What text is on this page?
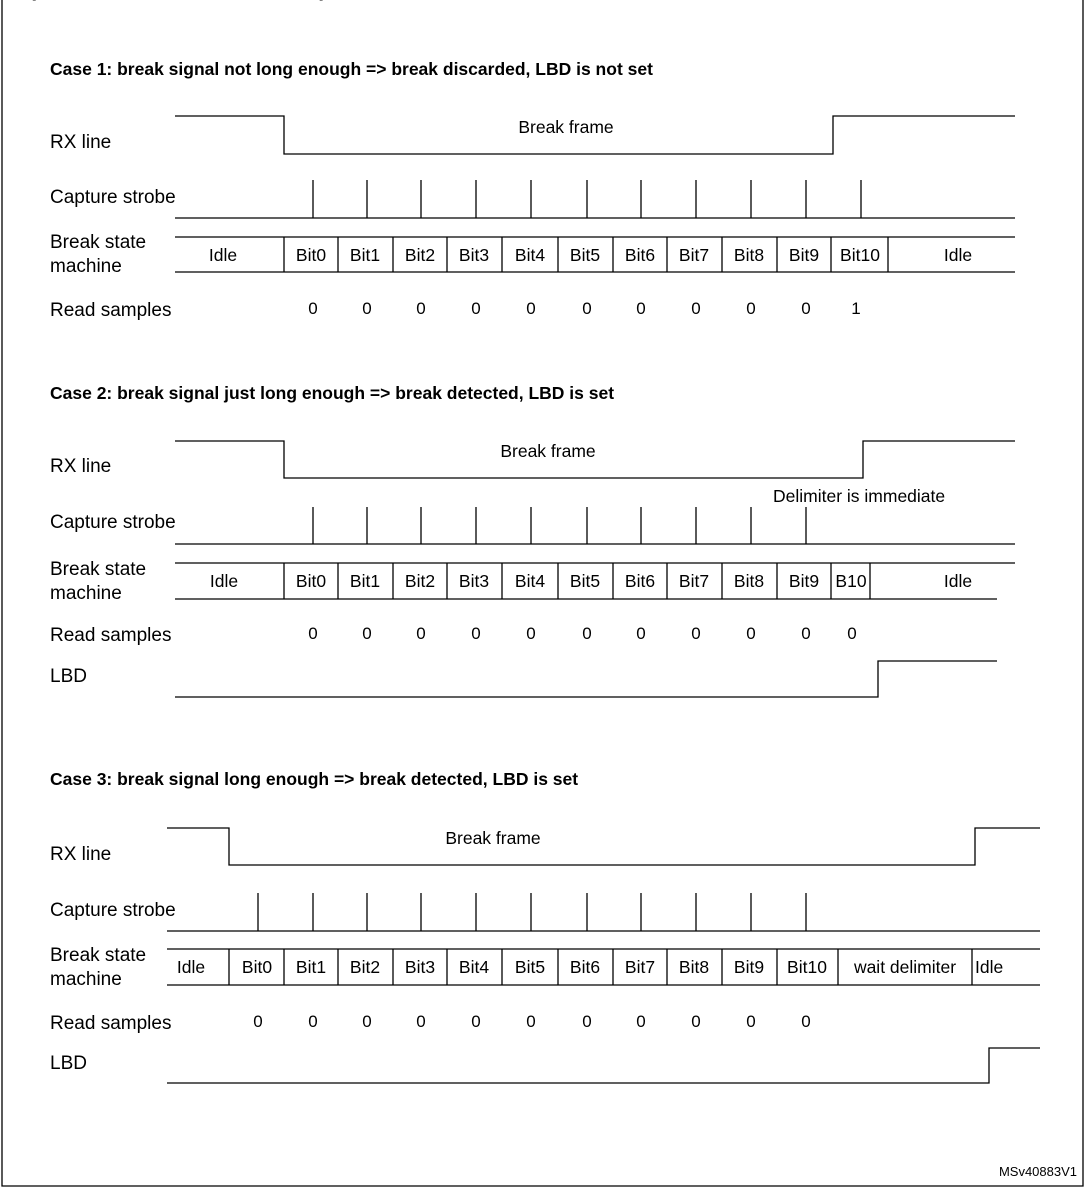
MSv40883V1
Case 1: break signal not long enough => break discarded, LBD is not set
RX line
Break frame
Capture strobe
Break state
machine
Idle	Bit0 Bit1 Bit2 Bit3 Bit4 Bit5 Bit6 Bit7 Bit8 Bit9 Bit10	Idle
Read samples	0	0	0	0	0	0	0	0	0	0 1
Case 2: break signal just long enough => break detected, LBD is set
RX line
Break frame
Delimiter is immediate
Capture strobe
Break state
machine
Idle	Bit0 Bit1 Bit2 Bit3 Bit4 Bit5 Bit6 Bit7 Bit8 Bit9 B10	Idle
Read samples	0	0	0	0	0	0	0	0	0	0 0
LBD
Case 3: break signal long enough => break detected, LBD is set
RX line
Break frame
Capture strobe
Break state
machine
Idle Bit0 Bit1 Bit2 Bit3 Bit4 Bit5 Bit6 Bit7 Bit8 Bit9 Bit10 wait delimiter Idle
Read samples	0	0	0	0	0	0	0	0	0	0	0
LBD
